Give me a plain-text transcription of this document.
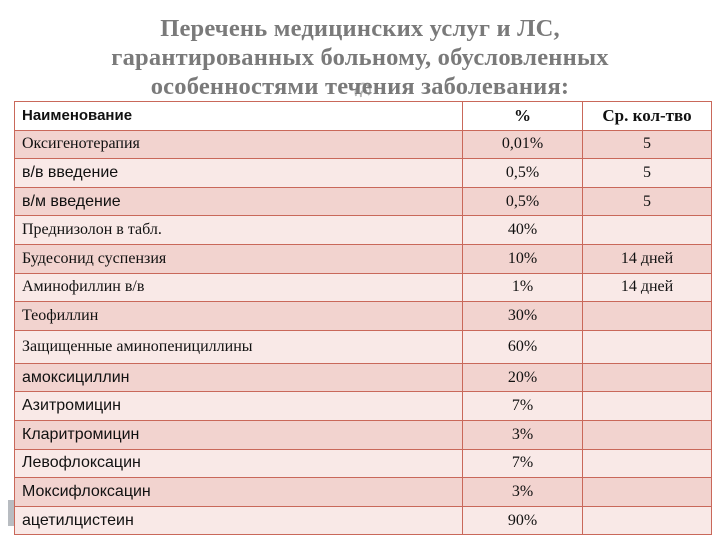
Перечень медицинских услуг и ЛС,
гарантированных больному, обусловленных
особенностями течения заболевания:
Наименование	%	Ср. кол-тво
Оксигенотерапия	0,01%	5
в/в введение	0,5%	5
в/м введение	0,5%	5
Преднизолон в табл.	40%	
Будесонид суспензия	10%	14 дней
Аминофиллин в/в	1%	14 дней
Теофиллин	30%	
Защищенные аминопенициллины	60%	
амоксициллин	20%	
Азитромицин	7%	
Кларитромицин	3%	
Левофлоксацин	7%	
Моксифлоксацин	3%	
ацетилцистеин	90%	
